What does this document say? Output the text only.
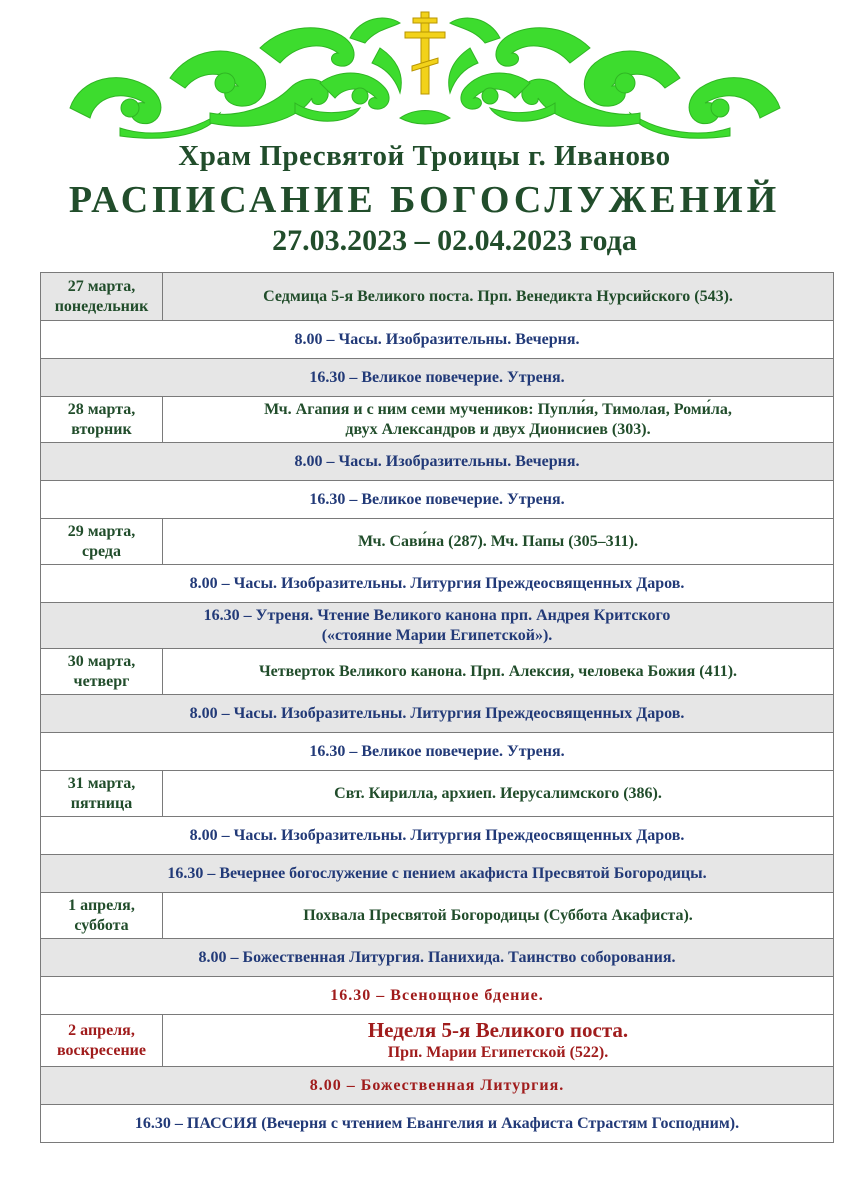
Храм Пресвятой Троицы г. Иваново
РАСПИСАНИЕ БОГОСЛУЖЕНИЙ
27.03.2023 – 02.04.2023 года
27 марта,
понедельник	Седмица 5-я Великого поста. Прп. Венедикта Нурсийского (543).
8.00 – Часы. Изобразительны. Вечерня.	
16.30 – Великое повечерие. Утреня.	
28 марта,
вторник	Мч. Агапия и с ним семи мучеников: Пупли́я, Тимолая, Роми́ла,
двух Александров и двух Дионисиев (303).
8.00 – Часы. Изобразительны. Вечерня.	
16.30 – Великое повечерие. Утреня.	
29 марта,
среда	Мч. Сави́на (287). Мч. Папы (305–311).
8.00 – Часы. Изобразительны. Литургия Преждеосвященных Даров.	
16.30 – Утреня. Чтение Великого канона прп. Андрея Критского
(«стояние Марии Египетской»).	
30 марта,
четверг	Четверток Великого канона. Прп. Алексия, человека Божия (411).
8.00 – Часы. Изобразительны. Литургия Преждеосвященных Даров.	
16.30 – Великое повечерие. Утреня.	
31 марта,
пятница	Свт. Кирилла, архиеп. Иерусалимского (386).
8.00 – Часы. Изобразительны. Литургия Преждеосвященных Даров.	
16.30 – Вечернее богослужение с пением акафиста Пресвятой Богородицы.	
1 апреля,
суббота	Похвала Пресвятой Богородицы (Суббота Акафиста).
8.00 – Божественная Литургия. Панихида. Таинство соборования.	
16.30 – Всенощное бдение.	
2 апреля,
воскресение	Неделя 5-я Великого поста.
Прп. Марии Египетской (522).
8.00 – Божественная Литургия.	
16.30 – ПАССИЯ (Вечерня с чтением Евангелия и Акафиста Страстям Господним).	
